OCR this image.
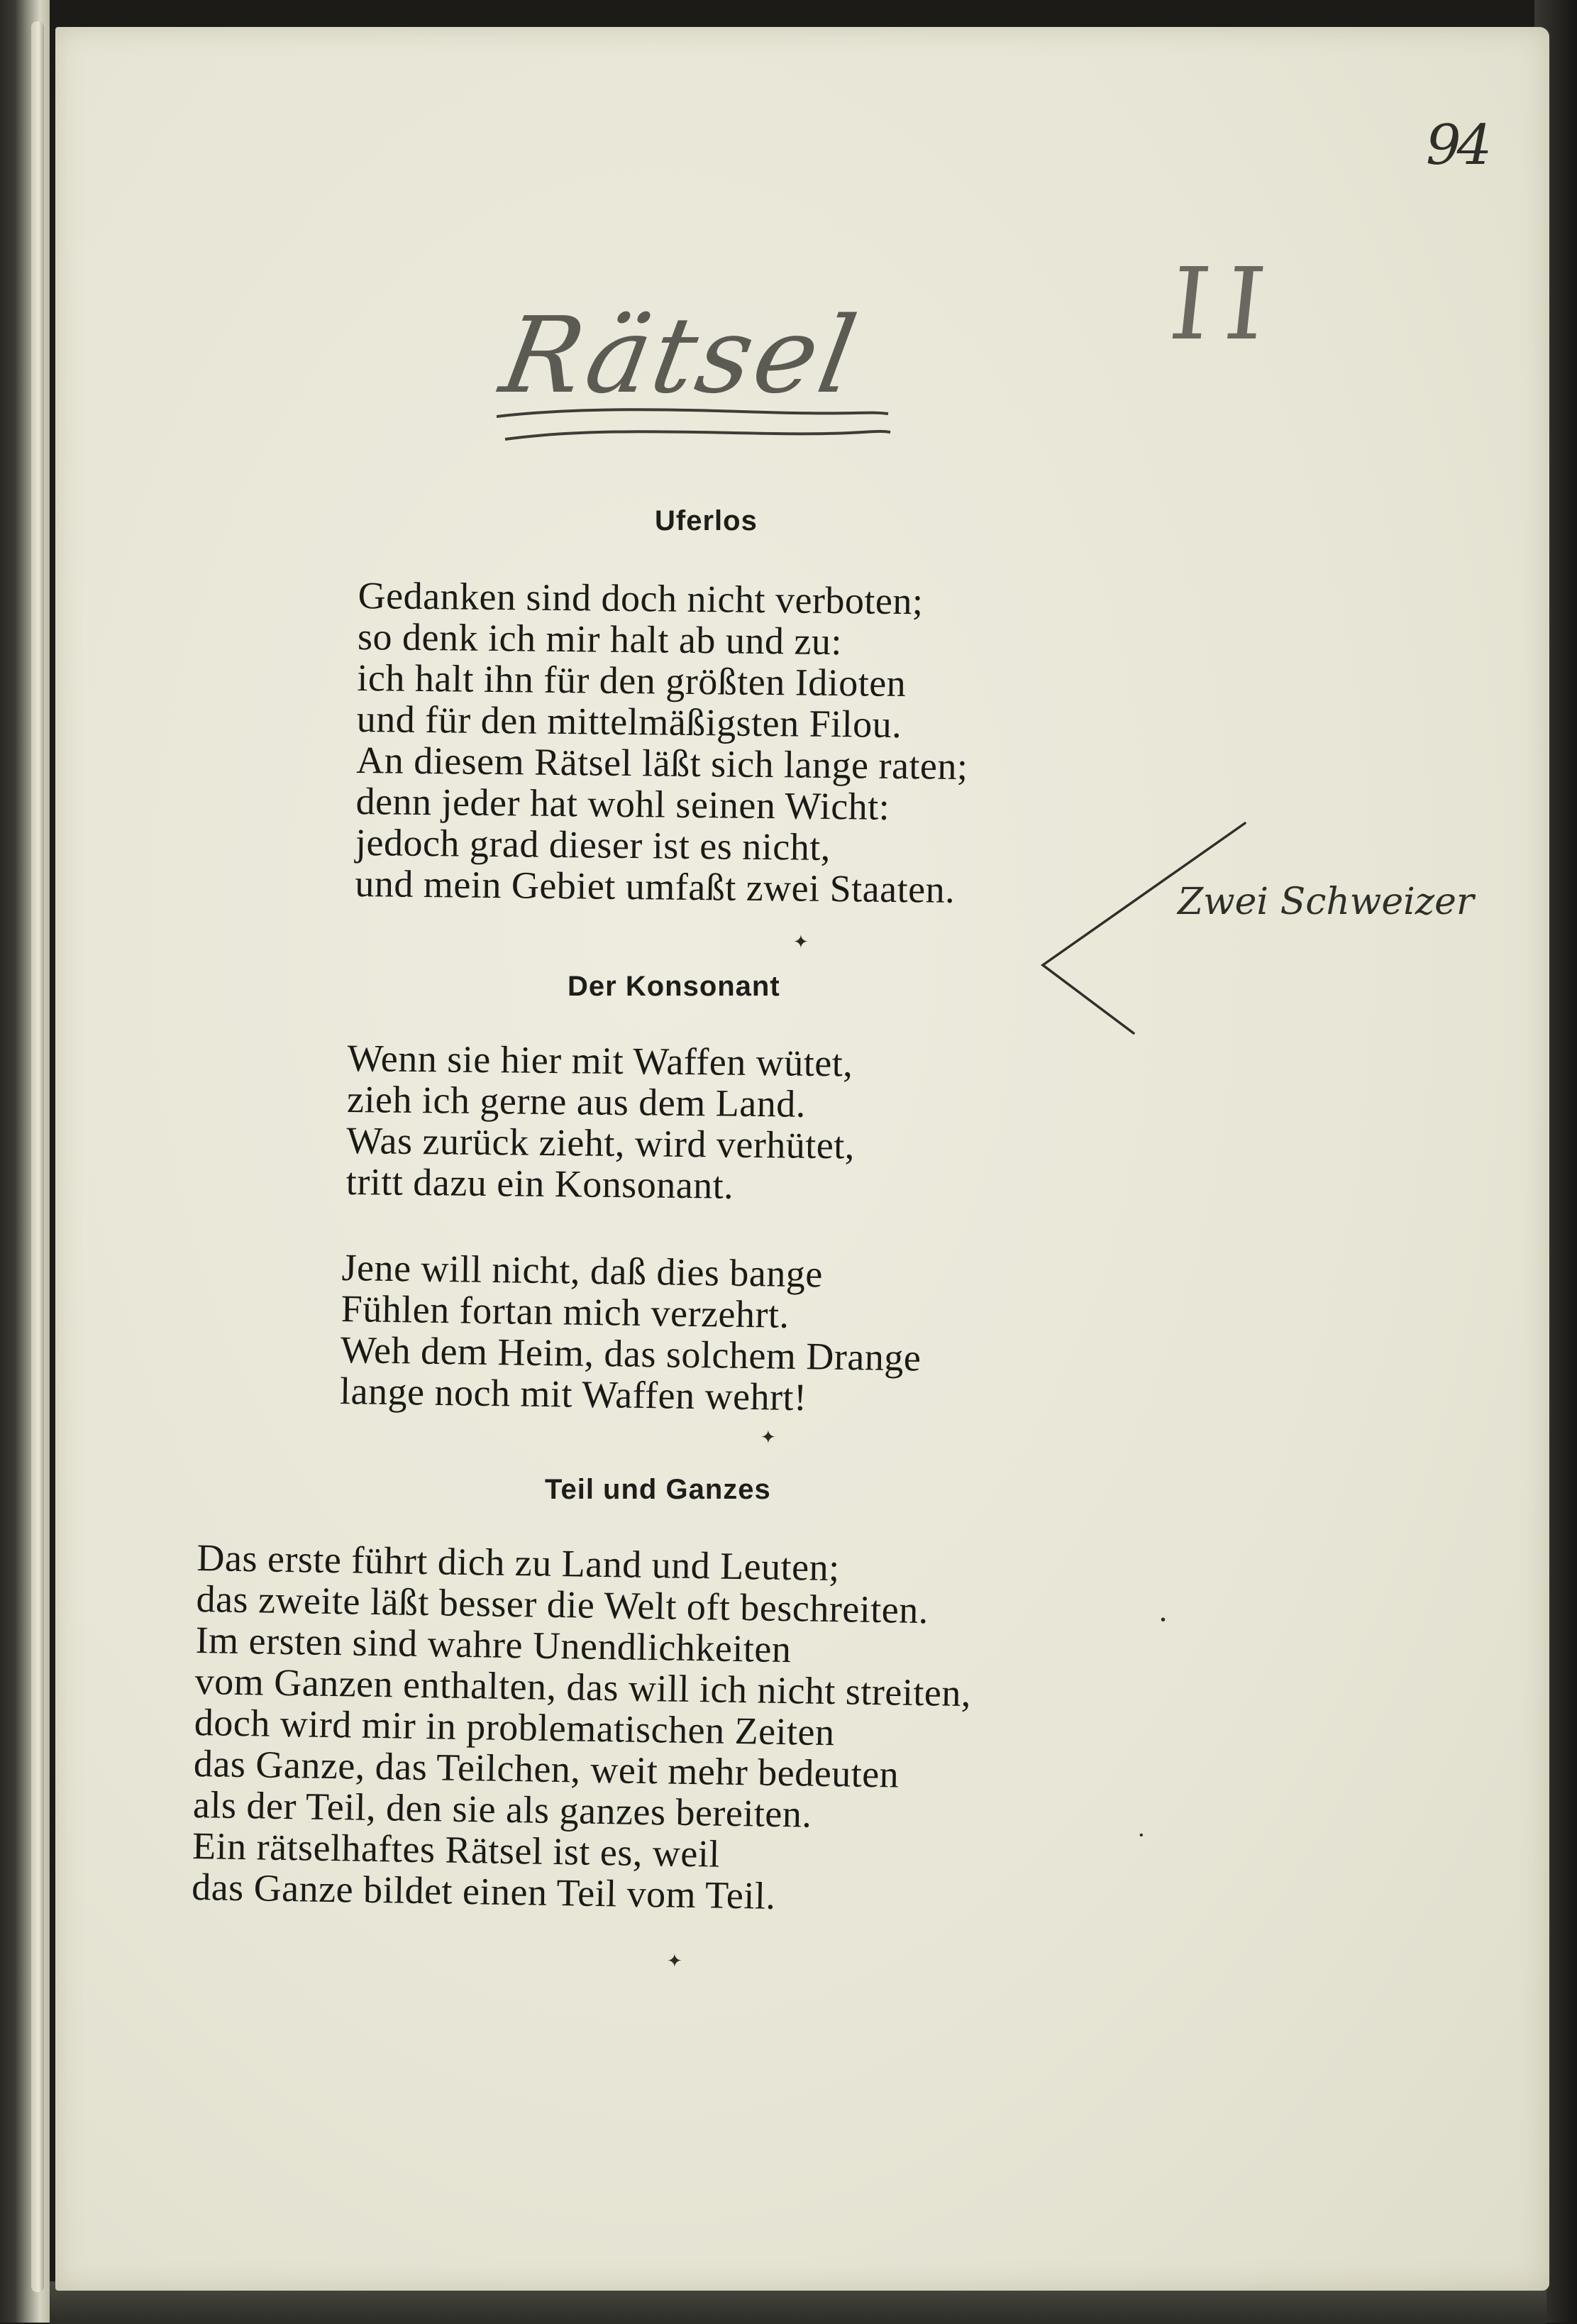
94
II
Rätsel
Uferlos
Gedanken sind doch nicht verboten;
so denk ich mir halt ab und zu:
ich halt ihn für den größten Idioten
und für den mittelmäßigsten Filou.
An diesem Rätsel läßt sich lange raten;
denn jeder hat wohl seinen Wicht:
jedoch grad dieser ist es nicht,
und mein Gebiet umfaßt zwei Staaten.
✦
Der Konsonant
Wenn sie hier mit Waffen wütet,
zieh ich gerne aus dem Land.
Was zurück zieht, wird verhütet,
tritt dazu ein Konsonant.
Jene will nicht, daß dies bange
Fühlen fortan mich verzehrt.
Weh dem Heim, das solchem Drange
lange noch mit Waffen wehrt!
✦
Teil und Ganzes
Das erste führt dich zu Land und Leuten;
das zweite läßt besser die Welt oft beschreiten.
Im ersten sind wahre Unendlichkeiten
vom Ganzen enthalten, das will ich nicht streiten,
doch wird mir in problematischen Zeiten
das Ganze, das Teilchen, weit mehr bedeuten
als der Teil, den sie als ganzes bereiten.
Ein rätselhaftes Rätsel ist es, weil
das Ganze bildet einen Teil vom Teil.
✦
•
•
Zwei Schweizer
